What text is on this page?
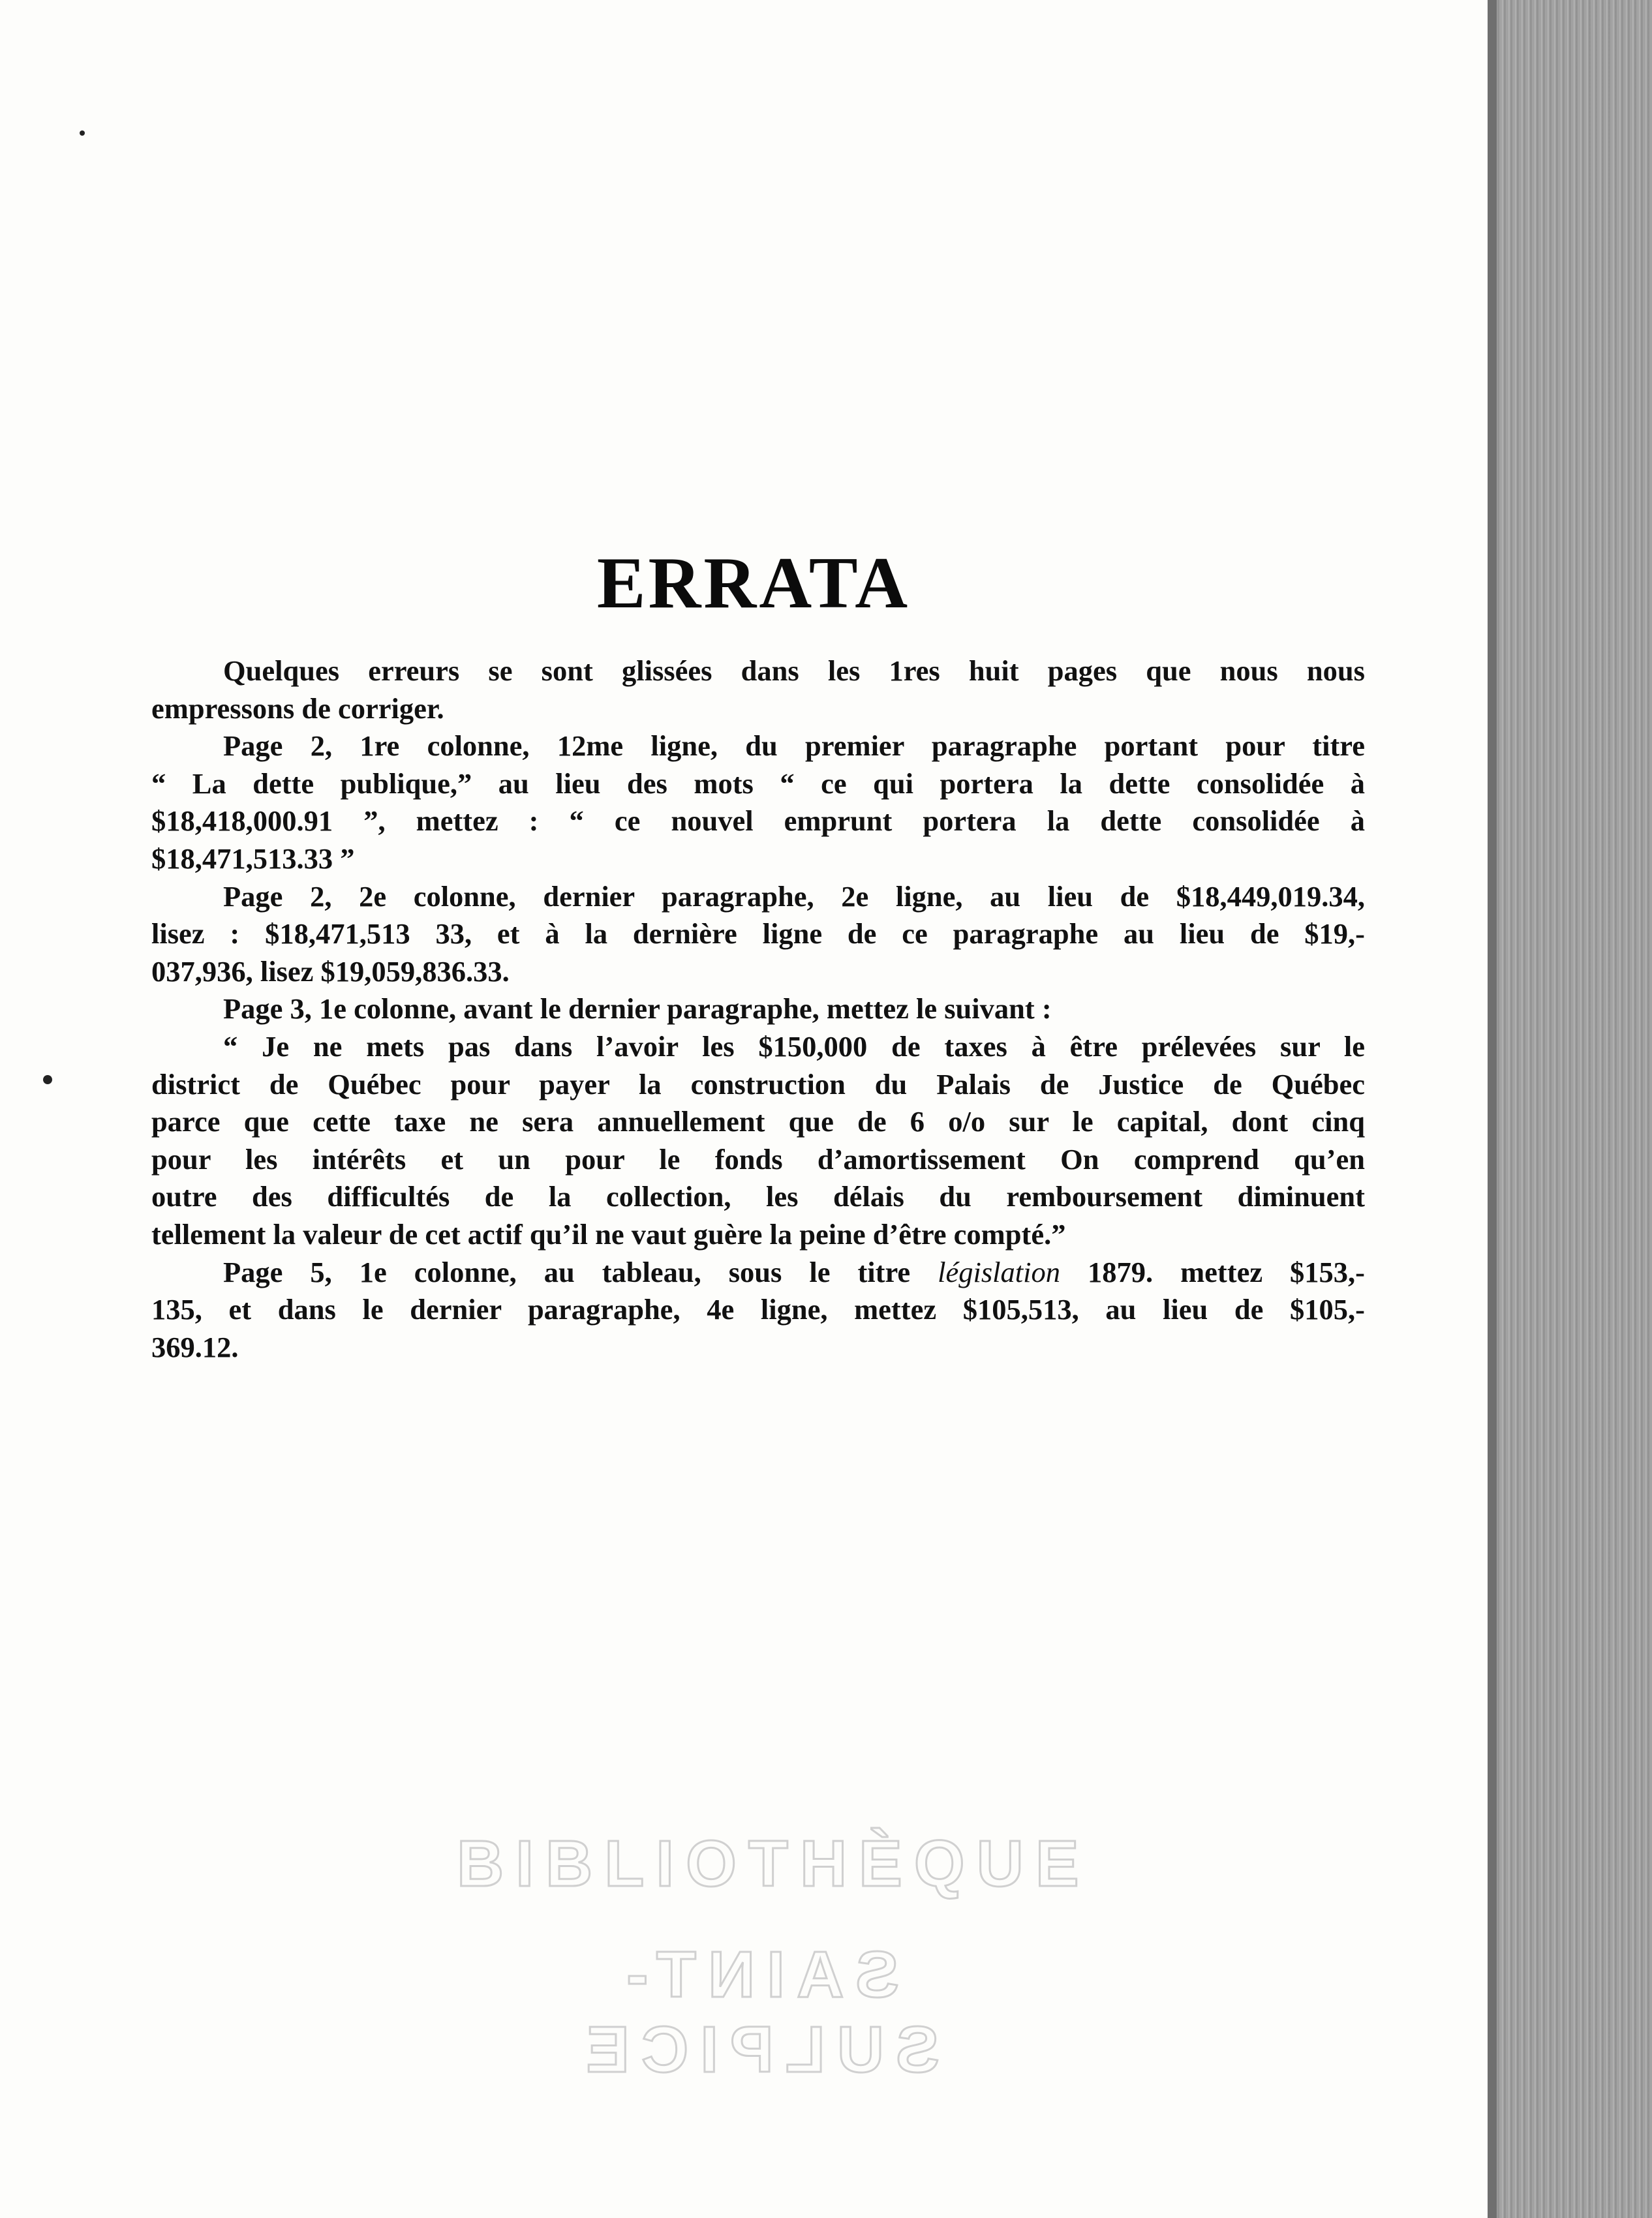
ERRATA
Quelques erreurs se sont glissées dans les 1res huit pages que nous nous
empressons de corriger.
Page 2, 1re colonne, 12me ligne, du premier paragraphe portant pour titre
“ La dette publique,” au lieu des mots “ ce qui portera la dette consolidée à
$18,418,000.91 ”, mettez : “ ce nouvel emprunt portera la dette consolidée à
$18,471,513.33 ”
Page 2, 2e colonne, dernier paragraphe, 2e ligne, au lieu de $18,449,019.34,
lisez : $18,471,513 33, et à la dernière ligne de ce paragraphe au lieu de $19,-
037,936, lisez $19,059,836.33.
Page 3, 1e colonne, avant le dernier paragraphe, mettez le suivant :
“ Je ne mets pas dans l’avoir les $150,000 de taxes à être prélevées sur le
district de Québec pour payer la construction du Palais de Justice de Québec
parce que cette taxe ne sera annuellement que de 6 o/o sur le capital, dont cinq
pour les intérêts et un pour le fonds d’amortissement On comprend qu’en
outre des difficultés de la collection, les délais du remboursement diminuent
tellement la valeur de cet actif qu’il ne vaut guère la peine d’être compté.”
Page 5, 1e colonne, au tableau, sous le titre législation 1879. mettez $153,-
135, et dans le dernier paragraphe, 4e ligne, mettez $105,513, au lieu de $105,-
369.12.
BIBLIOTHÈQUE
SAINT-SULPICE
